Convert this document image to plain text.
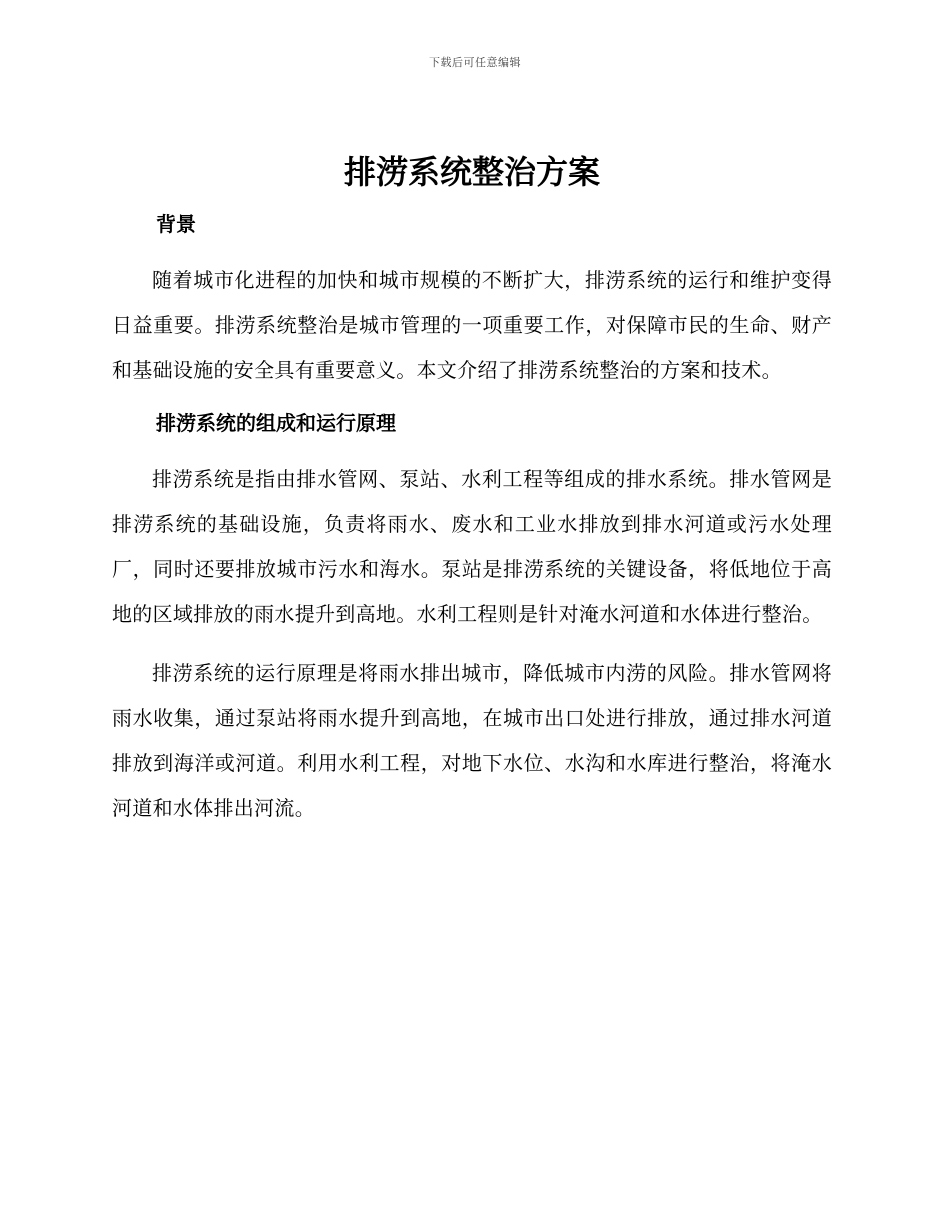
下载后可任意编辑
排涝系统整治方案
背景

随着城市化进程的加快和城市规模的不断扩大，排涝系统的运行和维护变得日益重要。排涝系统整治是城市管理的一项重要工作，对保障市民的生命、财产和基础设施的安全具有重要意义。本文介绍了排涝系统整治的方案和技术。

排涝系统的组成和运行原理

排涝系统是指由排水管网、泵站、水利工程等组成的排水系统。排水管网是排涝系统的基础设施，负责将雨水、废水和工业水排放到排水河道或污水处理厂，同时还要排放城市污水和海水。泵站是排涝系统的关键设备，将低地位于高地的区域排放的雨水提升到高地。水利工程则是针对淹水河道和水体进行整治。

排涝系统的运行原理是将雨水排出城市，降低城市内涝的风险。排水管网将雨水收集，通过泵站将雨水提升到高地，在城市出口处进行排放，通过排水河道排放到海洋或河道。利用水利工程，对地下水位、水沟和水库进行整治，将淹水河道和水体排出河流。
